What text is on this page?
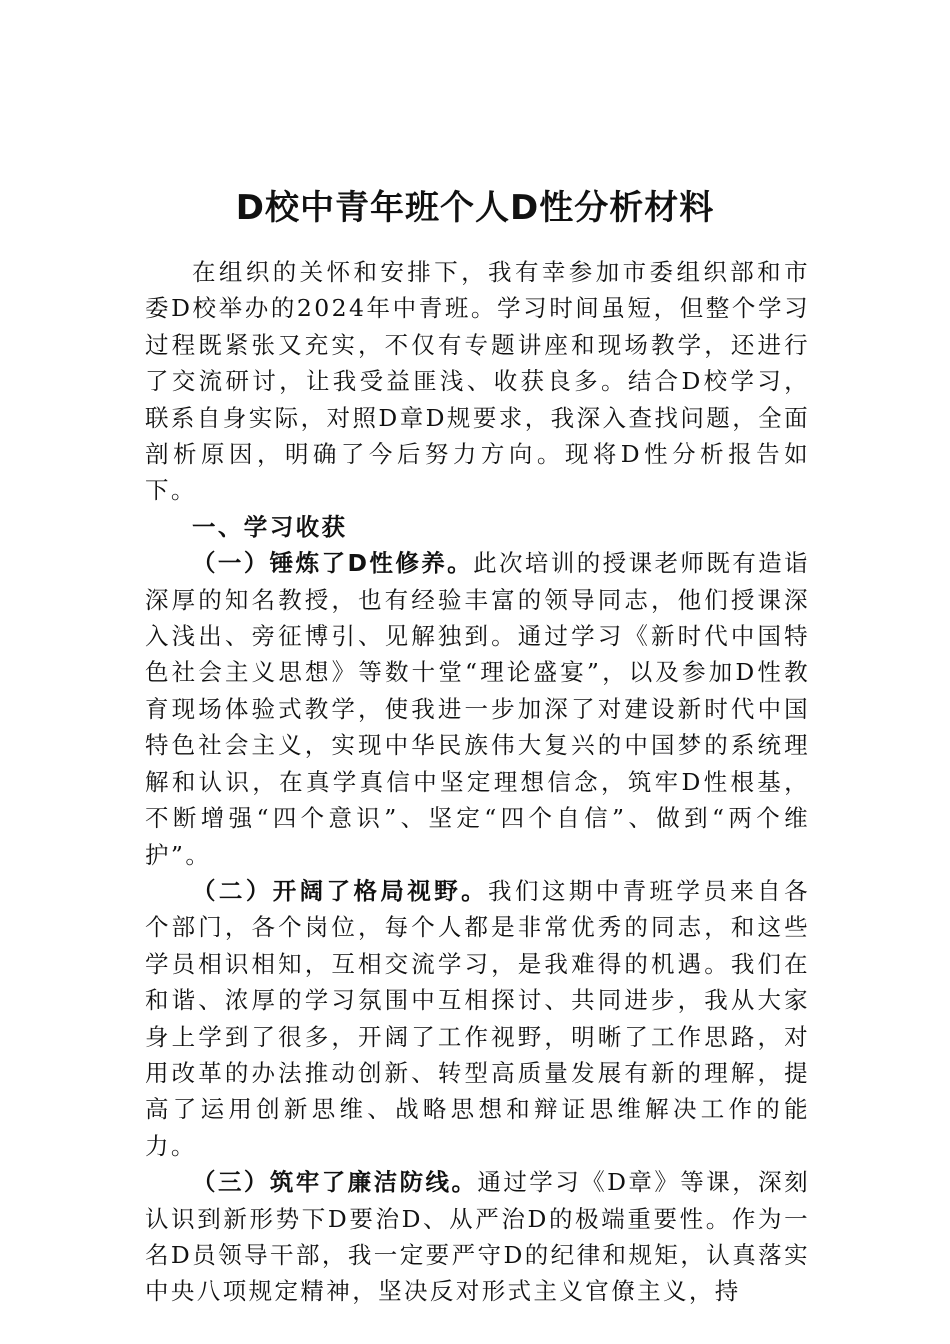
D校中青年班个人D性分析材料

在组织的关怀和安排下，我有幸参加市委组织部和市委D校举办的2024年中青班。学习时间虽短，但整个学习过程既紧张又充实，不仅有专题讲座和现场教学，还进行了交流研讨，让我受益匪浅、收获良多。结合D校学习，联系自身实际，对照D章D规要求，我深入查找问题，全面剖析原因，明确了今后努力方向。现将D性分析报告如下。

一、学习收获

（一）锤炼了D性修养。此次培训的授课老师既有造诣深厚的知名教授，也有经验丰富的领导同志，他们授课深入浅出、旁征博引、见解独到。通过学习《新时代中国特色社会主义思想》等数十堂“理论盛宴”，以及参加D性教育现场体验式教学，使我进一步加深了对建设新时代中国特色社会主义，实现中华民族伟大复兴的中国梦的系统理解和认识，在真学真信中坚定理想信念，筑牢D性根基，不断增强“四个意识”、坚定“四个自信”、做到“两个维护”。

（二）开阔了格局视野。我们这期中青班学员来自各个部门，各个岗位，每个人都是非常优秀的同志，和这些学员相识相知，互相交流学习，是我难得的机遇。我们在和谐、浓厚的学习氛围中互相探讨、共同进步，我从大家身上学到了很多，开阔了工作视野，明晰了工作思路，对用改革的办法推动创新、转型高质量发展有新的理解，提高了运用创新思维、战略思想和辩证思维解决工作的能力。

（三）筑牢了廉洁防线。通过学习《D章》等课，深刻认识到新形势下D要治D、从严治D的极端重要性。作为一名D员领导干部，我一定要严守D的纪律和规矩，认真落实中央八项规定精神，坚决反对形式主义官僚主义，持
